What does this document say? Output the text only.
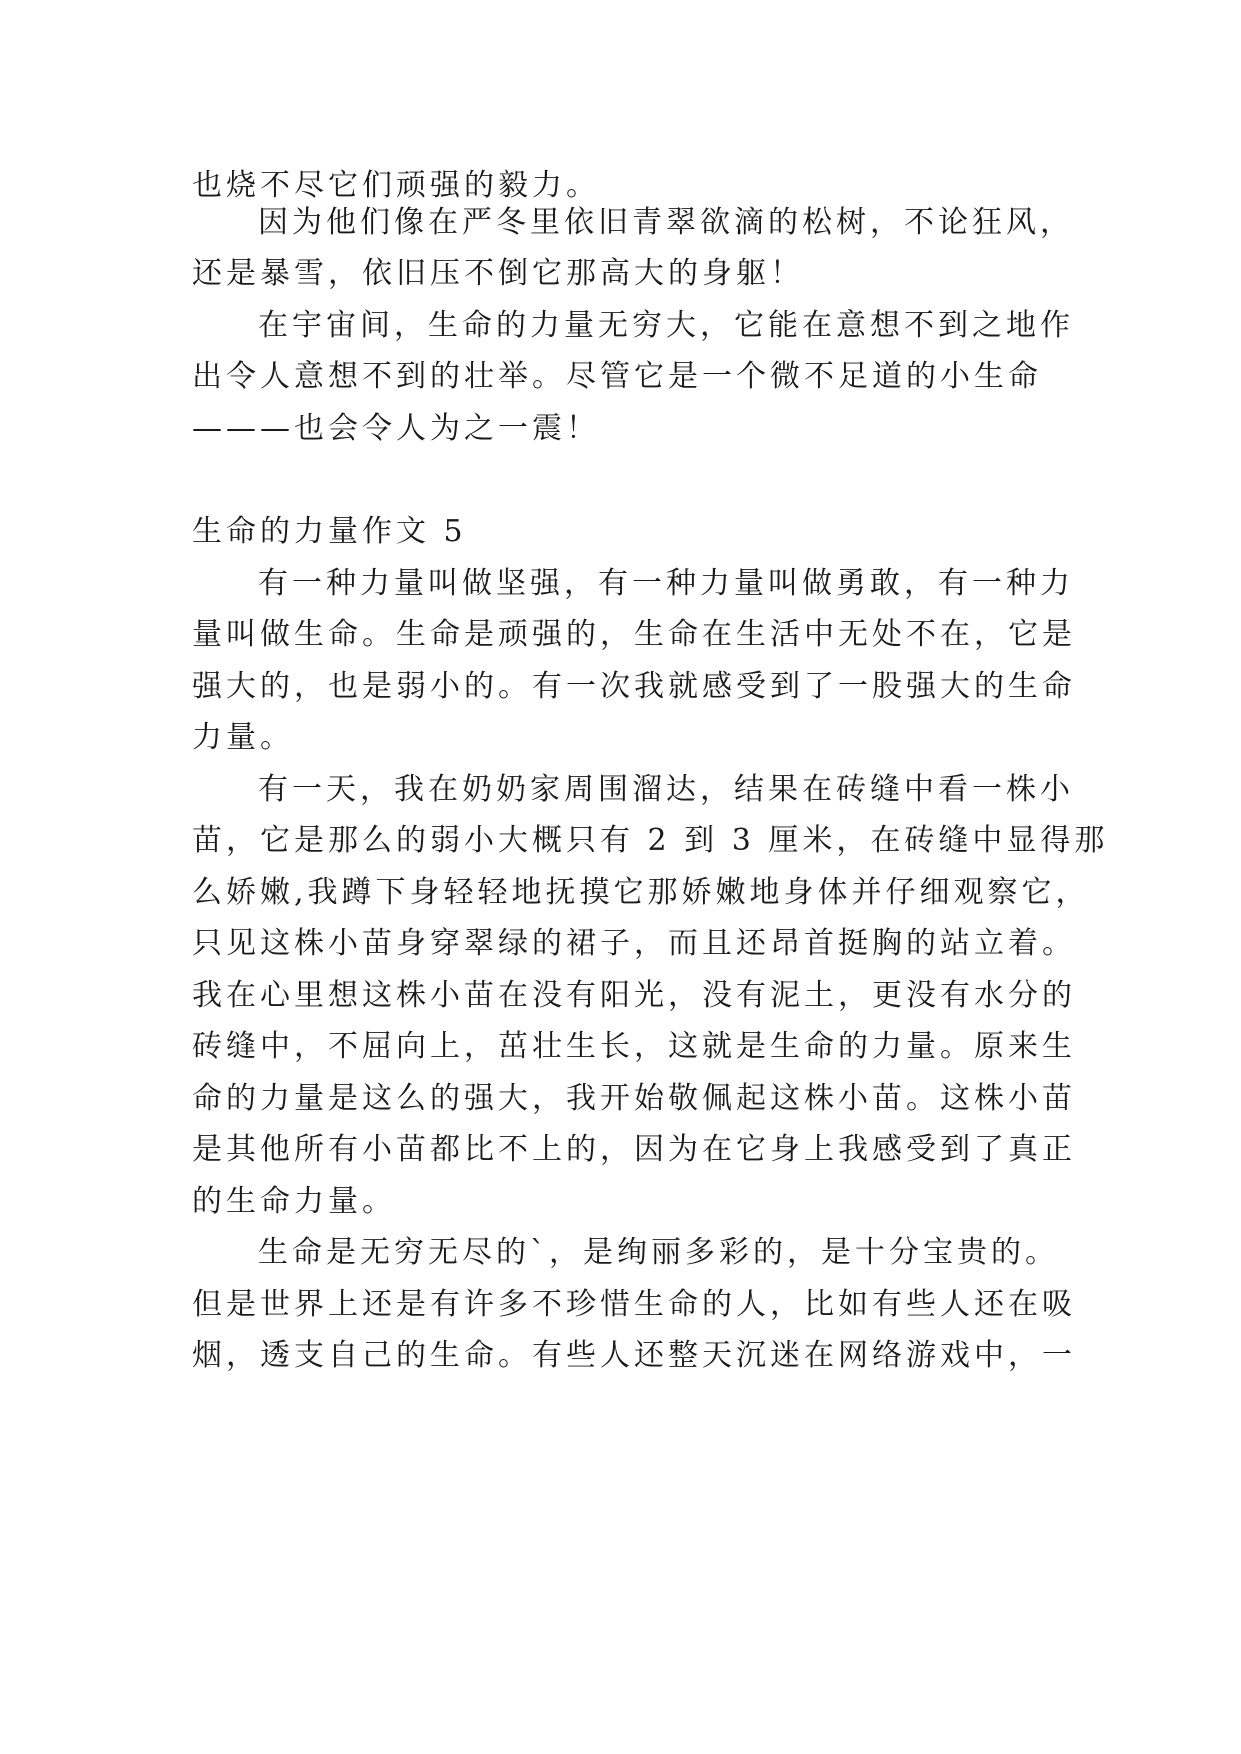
也烧不尽它们顽强的毅力。
因为他们像在严冬里依旧青翠欲滴的松树，不论狂风，
还是暴雪，依旧压不倒它那高大的身躯！
在宇宙间，生命的力量无穷大，它能在意想不到之地作
出令人意想不到的壮举。尽管它是一个微不足道的小生命
———也会令人为之一震！
生命的力量作文 5
有一种力量叫做坚强，有一种力量叫做勇敢，有一种力
量叫做生命。生命是顽强的，生命在生活中无处不在，它是
强大的，也是弱小的。有一次我就感受到了一股强大的生命
力量。
有一天，我在奶奶家周围溜达，结果在砖缝中看一株小
苗，它是那么的弱小大概只有 2 到 3 厘米，在砖缝中显得那
么娇嫩,我蹲下身轻轻地抚摸它那娇嫩地身体并仔细观察它，
只见这株小苗身穿翠绿的裙子，而且还昂首挺胸的站立着。
我在心里想这株小苗在没有阳光，没有泥土，更没有水分的
砖缝中，不屈向上，茁壮生长，这就是生命的力量。原来生
命的力量是这么的强大，我开始敬佩起这株小苗。这株小苗
是其他所有小苗都比不上的，因为在它身上我感受到了真正
的生命力量。
生命是无穷无尽的`，是绚丽多彩的，是十分宝贵的。
但是世界上还是有许多不珍惜生命的人，比如有些人还在吸
烟，透支自己的生命。有些人还整天沉迷在网络游戏中，一
